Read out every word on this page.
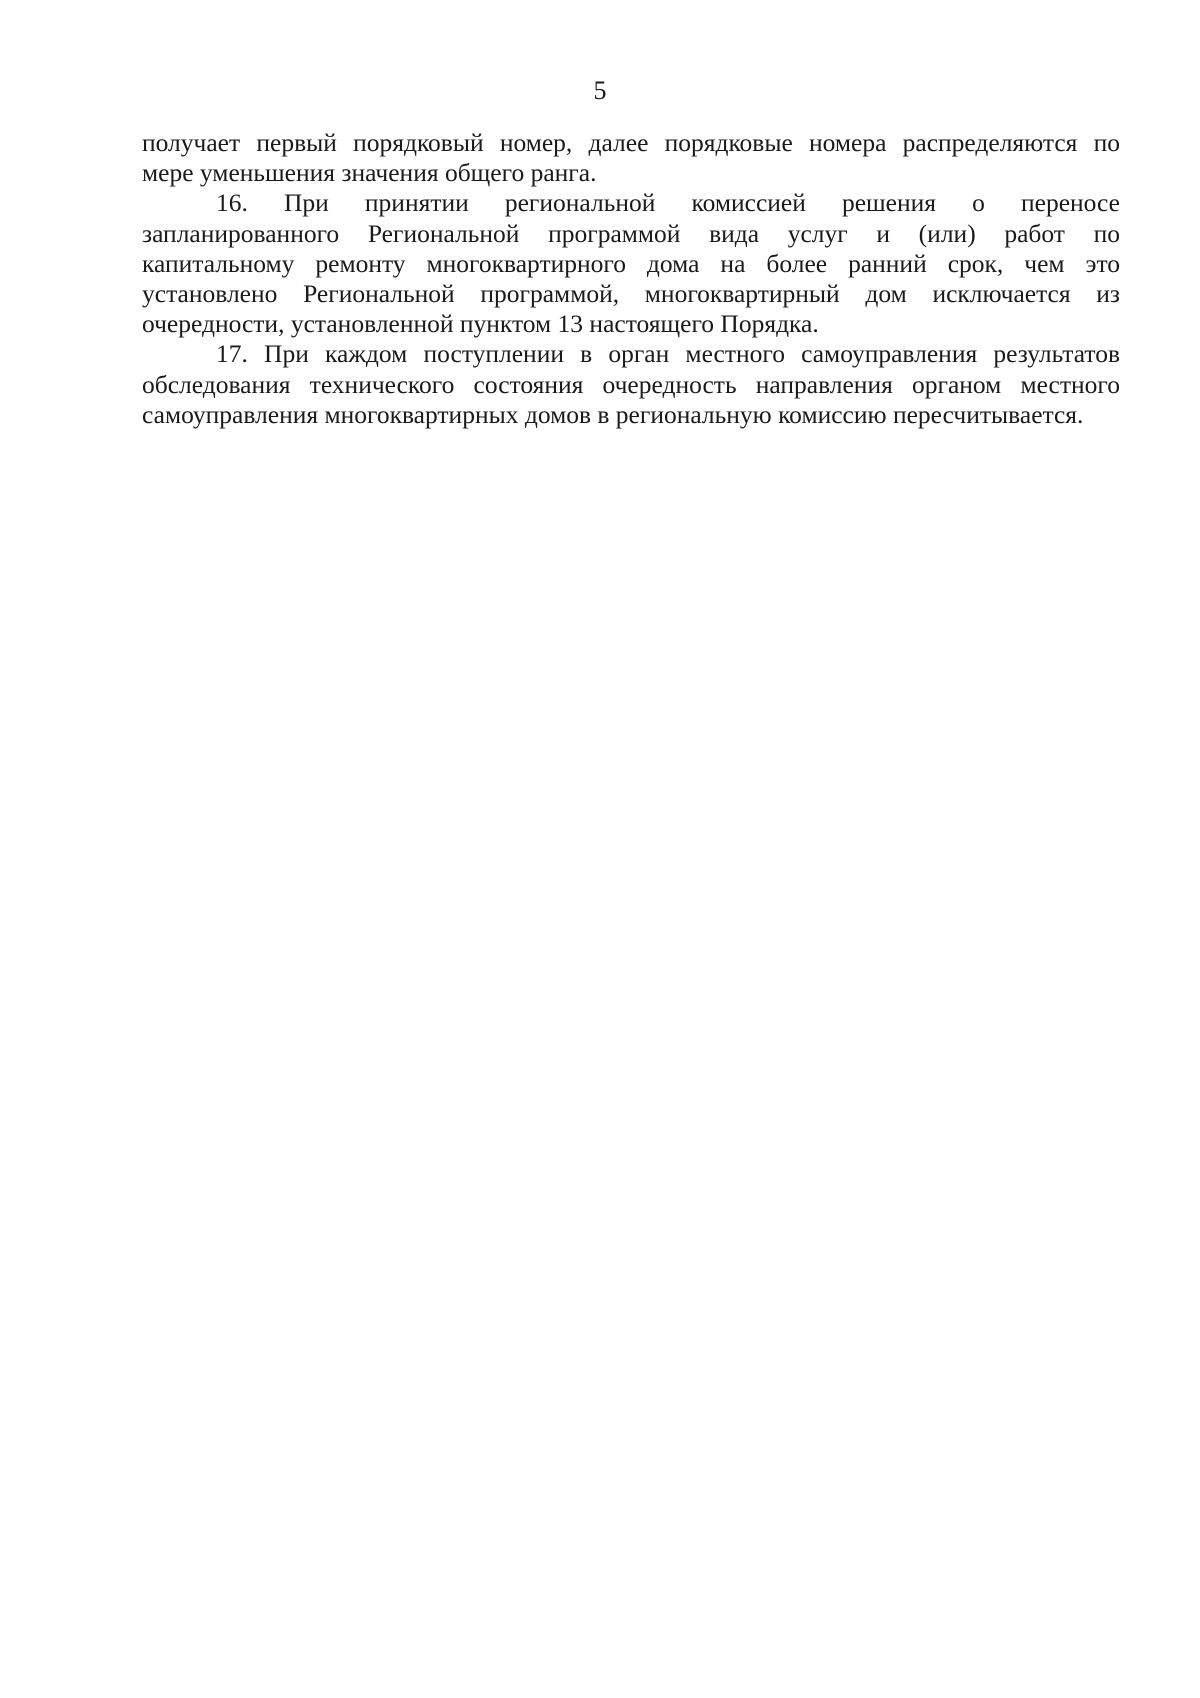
5
получает первый порядковый номер, далее порядковые номера распределяются по
мере уменьшения значения общего ранга.
16. При принятии региональной комиссией решения о переносе
запланированного Региональной программой вида услуг и (или) работ по
капитальному ремонту многоквартирного дома на более ранний срок, чем это
установлено Региональной программой, многоквартирный дом исключается из
очередности, установленной пунктом 13 настоящего Порядка.
17. При каждом поступлении в орган местного самоуправления результатов
обследования технического состояния очередность направления органом местного
самоуправления многоквартирных домов в региональную комиссию пересчитывается.
